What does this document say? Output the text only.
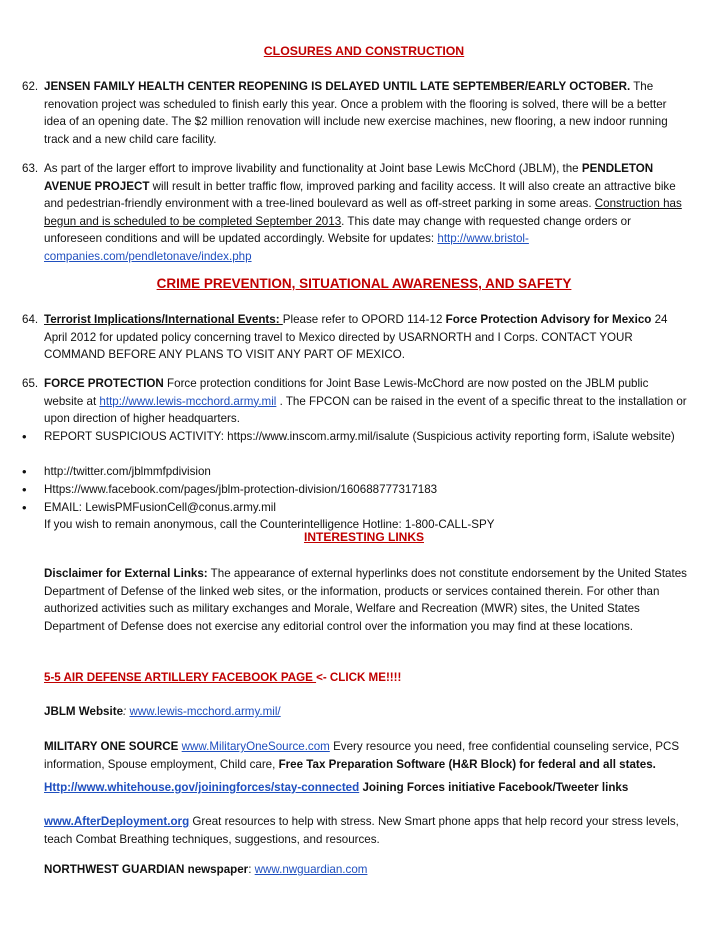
CLOSURES AND CONSTRUCTION
62. JENSEN FAMILY HEALTH CENTER REOPENING IS DELAYED UNTIL LATE SEPTEMBER/EARLY OCTOBER. The renovation project was scheduled to finish early this year. Once a problem with the flooring is solved, there will be a better idea of an opening date. The $2 million renovation will include new exercise machines, new flooring, a new indoor running track and a new child care facility.
63. As part of the larger effort to improve livability and functionality at Joint base Lewis McChord (JBLM), the PENDLETON AVENUE PROJECT will result in better traffic flow, improved parking and facility access. It will also create an attractive bike and pedestrian-friendly environment with a tree-lined boulevard as well as off-street parking in some areas. Construction has begun and is scheduled to be completed September 2013. This date may change with requested change orders or unforeseen conditions and will be updated accordingly. Website for updates: http://www.bristol-companies.com/pendletonave/index.php
CRIME PREVENTION, SITUATIONAL AWARENESS, AND SAFETY
64. Terrorist Implications/International Events: Please refer to OPORD 114-12 Force Protection Advisory for Mexico 24 April 2012 for updated policy concerning travel to Mexico directed by USARNORTH and I Corps. CONTACT YOUR COMMAND BEFORE ANY PLANS TO VISIT ANY PART OF MEXICO.
65. FORCE PROTECTION Force protection conditions for Joint Base Lewis-McChord are now posted on the JBLM public website at http://www.lewis-mcchord.army.mil . The FPCON can be raised in the event of a specific threat to the installation or upon direction of higher headquarters.
•	REPORT SUSPICIOUS ACTIVITY: https://www.inscom.army.mil/isalute (Suspicious activity reporting form, iSalute website)
•	http://twitter.com/jblmmfpdivision
•	Https://www.facebook.com/pages/jblm-protection-division/160688777317183
•	EMAIL: LewisPMFusionCell@conus.army.mil
If you wish to remain anonymous, call the Counterintelligence Hotline: 1-800-CALL-SPY
INTERESTING LINKS
Disclaimer for External Links: The appearance of external hyperlinks does not constitute endorsement by the United States Department of Defense of the linked web sites, or the information, products or services contained therein. For other than authorized activities such as military exchanges and Morale, Welfare and Recreation (MWR) sites, the United States Department of Defense does not exercise any editorial control over the information you may find at these locations.
5-5 AIR DEFENSE ARTILLERY FACEBOOK PAGE <- CLICK ME!!!!
JBLM Website: www.lewis-mcchord.army.mil/
MILITARY ONE SOURCE www.MilitaryOneSource.com Every resource you need, free confidential counseling service, PCS information, Spouse employment, Child care, Free Tax Preparation Software (H&R Block) for federal and all states.
Http://www.whitehouse.gov/joiningforces/stay-connected Joining Forces initiative Facebook/Tweeter links
www.AfterDeployment.org Great resources to help with stress. New Smart phone apps that help record your stress levels, teach Combat Breathing techniques, suggestions, and resources.
NORTHWEST GUARDIAN newspaper: www.nwguardian.com
